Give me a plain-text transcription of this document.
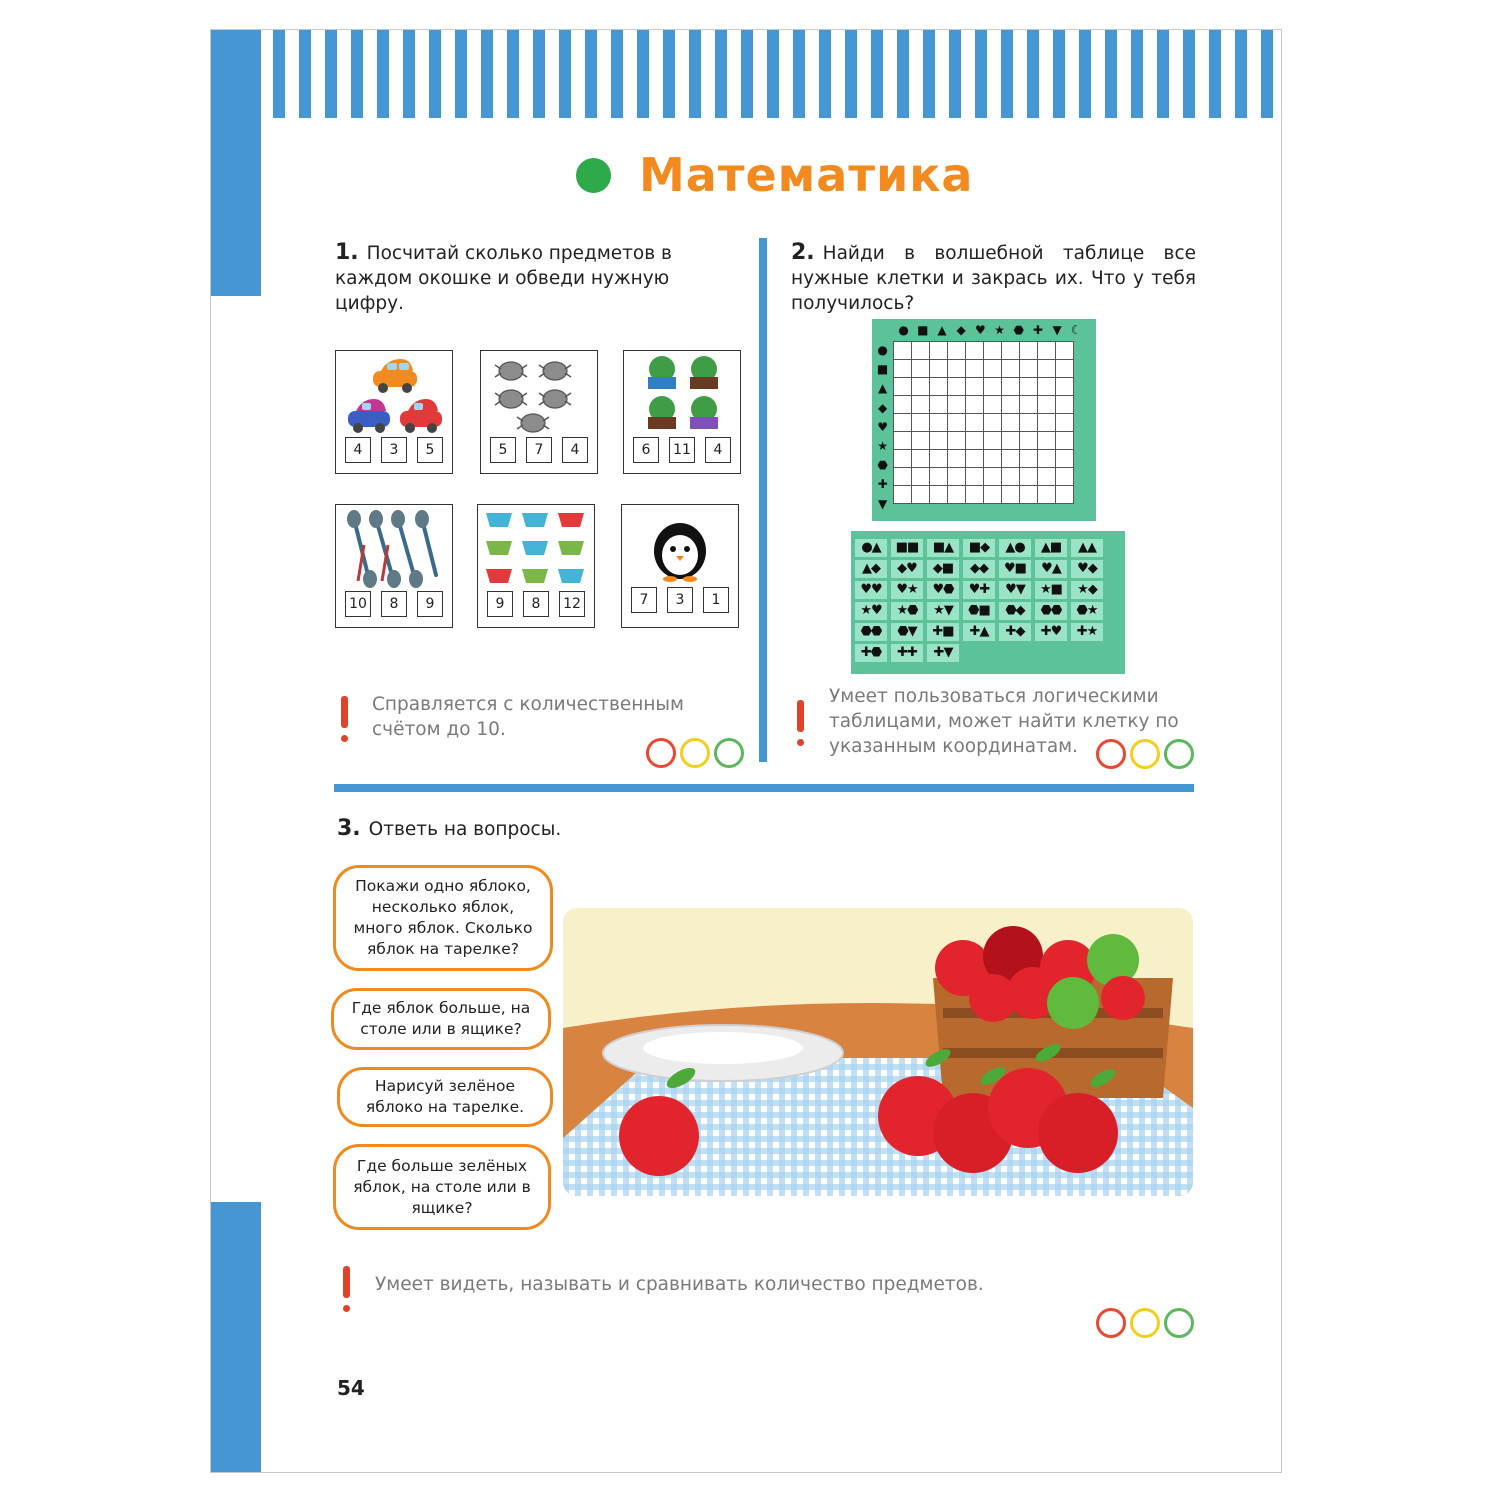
Математика
1. Посчитай сколько предметов в каждом окошке и обведи нужную цифру.
4	3	5	5	7	4	6	11	4
10	8	9	9	8	12	7	3	1
Справляется с количественным счётом до 10.
2. Найди в волшебной таблице все нужные клетки и закрась их. Что у тебя получилось?
● ■ ▲ ◆ ♥ ★ ⬣ ✚ ▼ ☾
●
■
▲
◆
♥
★
⬣
✚
▼

●▲	■■	■▲	■◆	▲●	▲■	▲▲
▲◆	◆♥	◆■	◆◆	♥■	♥▲	♥◆
♥♥	♥★	♥⬣	♥✚	♥▼	★■	★◆
★♥	★⬣	★▼	⬣■	⬣◆	⬣⬣	⬣★
⬣⬣	⬣▼	✚■	✚▲	✚◆	✚♥	✚★
✚⬣	✚✚	✚▼
Умеет пользоваться логическими таблицами, может найти клетку по указанным координатам.
3. Ответь на вопросы.
Покажи одно яблоко, несколько яблок, много яблок. Сколько яблок на тарелке?
Где яблок больше, на столе или в ящике?
Нарисуй зелёное яблоко на тарелке.
Где больше зелёных яблок, на столе или в ящике?
Умеет видеть, называть и сравнивать количество предметов.
54
